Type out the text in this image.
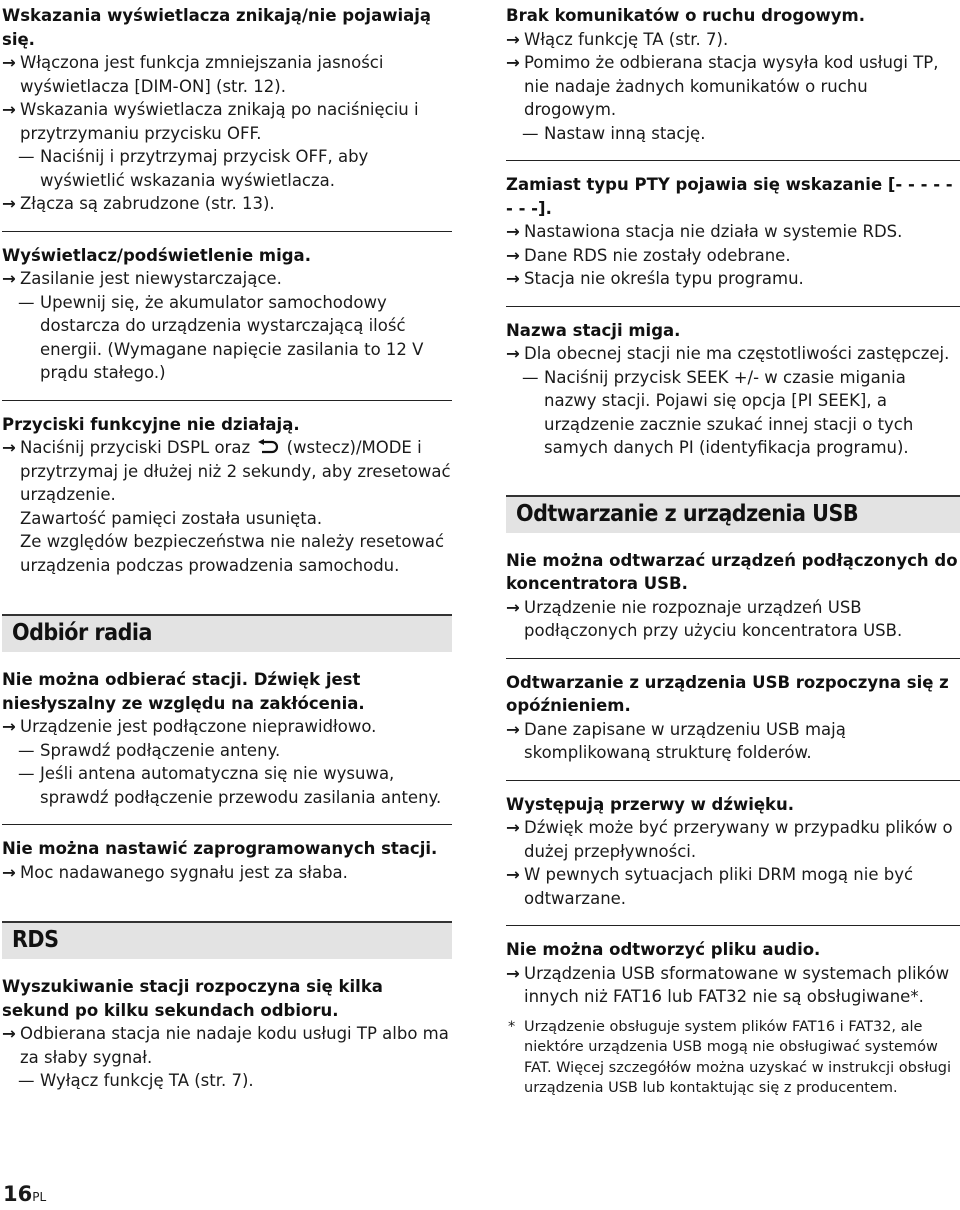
Wskazania wyświetlacza znikają/nie pojawiają się.
→ Włączona jest funkcja zmniejszania jasności wyświetlacza [DIM-ON] (str. 12).
→ Wskazania wyświetlacza znikają po naciśnięciu i przytrzymaniu przycisku OFF.
— Naciśnij i przytrzymaj przycisk OFF, aby wyświetlić wskazania wyświetlacza.
→ Złącza są zabrudzone (str. 13).
Wyświetlacz/podświetlenie miga.
→ Zasilanie jest niewystarczające.
— Upewnij się, że akumulator samochodowy dostarcza do urządzenia wystarczającą ilość energii. (Wymagane napięcie zasilania to 12 V prądu stałego.)
Przyciski funkcyjne nie działają.
→ Naciśnij przyciski DSPL oraz (wstecz)/MODE i przytrzymaj je dłużej niż 2 sekundy, aby zresetować urządzenie.
Zawartość pamięci została usunięta.
Ze względów bezpieczeństwa nie należy resetować urządzenia podczas prowadzenia samochodu.
Odbiór radia
Nie można odbierać stacji. Dźwięk jest niesłyszalny ze względu na zakłócenia.
→ Urządzenie jest podłączone nieprawidłowo.
— Sprawdź podłączenie anteny.
— Jeśli antena automatyczna się nie wysuwa, sprawdź podłączenie przewodu zasilania anteny.
Nie można nastawić zaprogramowanych stacji.
→ Moc nadawanego sygnału jest za słaba.
RDS
Wyszukiwanie stacji rozpoczyna się kilka sekund po kilku sekundach odbioru.
→ Odbierana stacja nie nadaje kodu usługi TP albo ma za słaby sygnał.
— Wyłącz funkcję TA (str. 7).
Brak komunikatów o ruchu drogowym.
→ Włącz funkcję TA (str. 7).
→ Pomimo że odbierana stacja wysyła kod usługi TP, nie nadaje żadnych komunikatów o ruchu drogowym.
— Nastaw inną stację.
Zamiast typu PTY pojawia się wskazanie [- - - - - - - -].
→ Nastawiona stacja nie działa w systemie RDS.
→ Dane RDS nie zostały odebrane.
→ Stacja nie określa typu programu.
Nazwa stacji miga.
→ Dla obecnej stacji nie ma częstotliwości zastępczej.
— Naciśnij przycisk SEEK +/- w czasie migania nazwy stacji. Pojawi się opcja [PI SEEK], a urządzenie zacznie szukać innej stacji o tych samych danych PI (identyfikacja programu).
Odtwarzanie z urządzenia USB
Nie można odtwarzać urządzeń podłączonych do koncentratora USB.
→ Urządzenie nie rozpoznaje urządzeń USB podłączonych przy użyciu koncentratora USB.
Odtwarzanie z urządzenia USB rozpoczyna się z opóźnieniem.
→ Dane zapisane w urządzeniu USB mają skomplikowaną strukturę folderów.
Występują przerwy w dźwięku.
→ Dźwięk może być przerywany w przypadku plików o dużej przepływności.
→ W pewnych sytuacjach pliki DRM mogą nie być odtwarzane.
Nie można odtworzyć pliku audio.
→ Urządzenia USB sformatowane w systemach plików innych niż FAT16 lub FAT32 nie są obsługiwane*.
* Urządzenie obsługuje system plików FAT16 i FAT32, ale niektóre urządzenia USB mogą nie obsługiwać systemów FAT. Więcej szczegółów można uzyskać w instrukcji obsługi urządzenia USB lub kontaktując się z producentem.
16PL
